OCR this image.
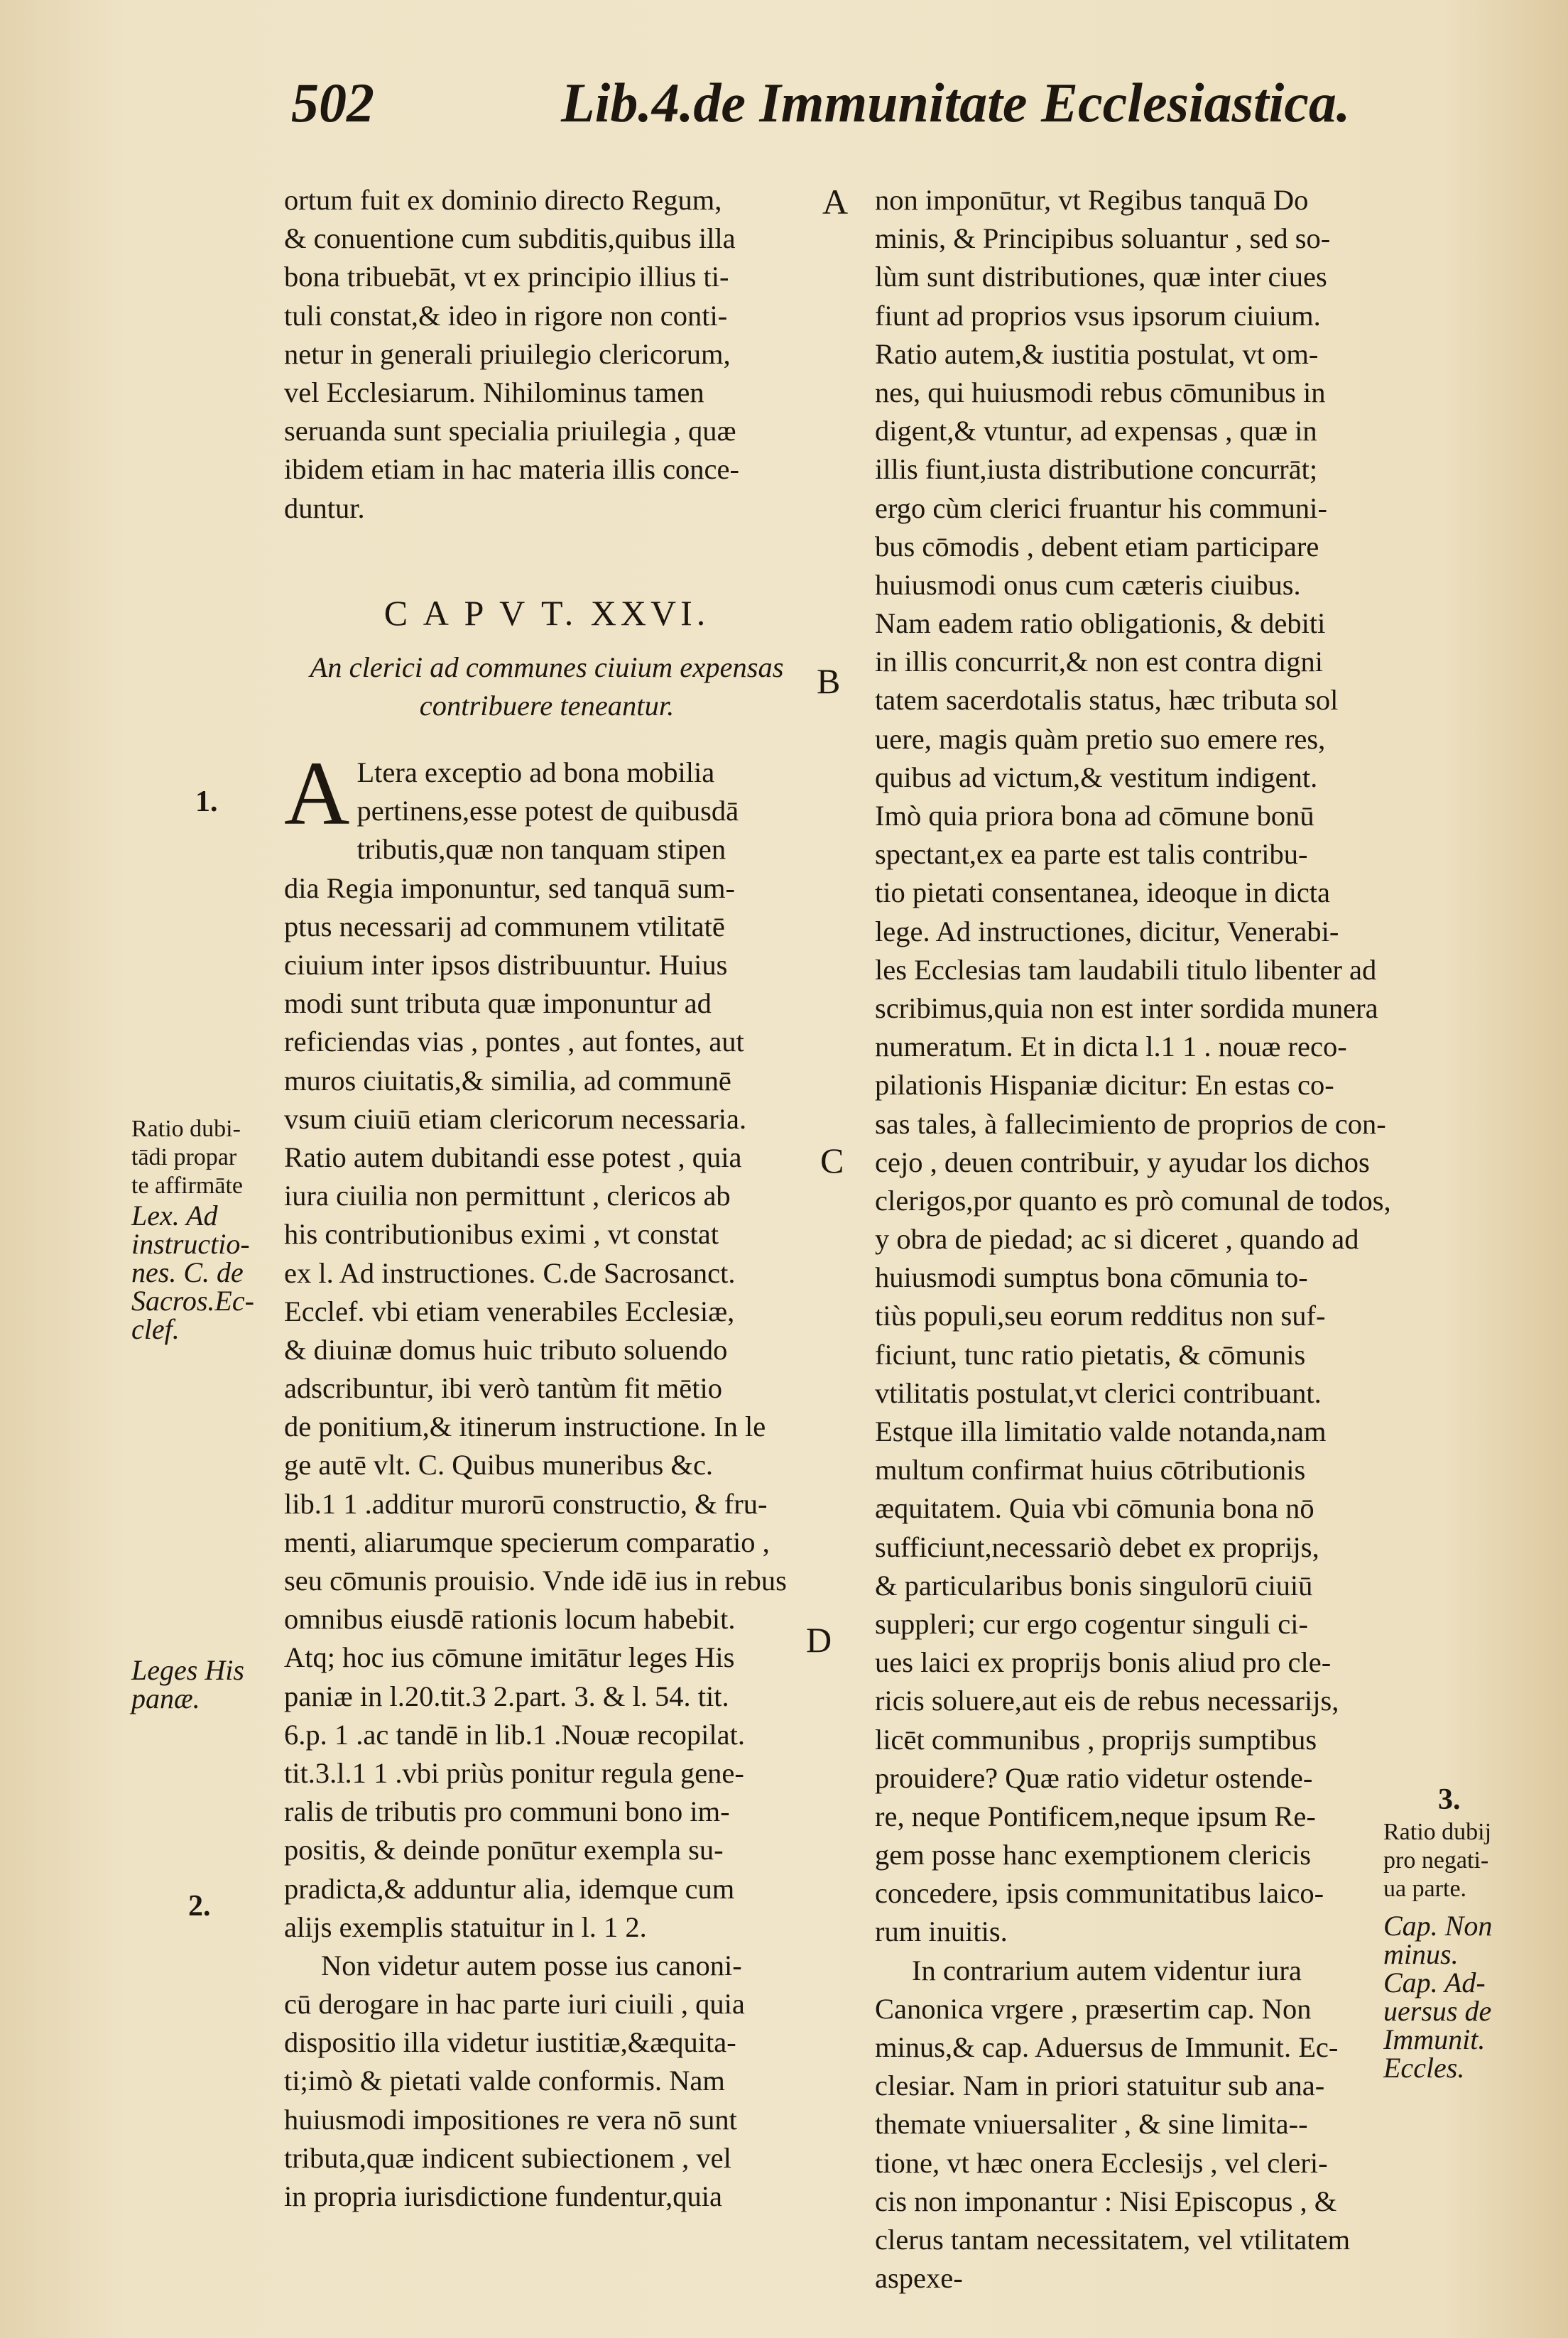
502	Lib.4.de Immunitate Ecclesiastica.
ortum fuit ex dominio directo Regum,
& conuentione cum subditis,quibus illa
bona tribuebāt, vt ex principio illius ti-
tuli constat,& ideo in rigore non conti-
netur in generali priuilegio clericorum,
vel Ecclesiarum. Nihilominus tamen
seruanda sunt specialia priuilegia , quæ
ibidem etiam in hac materia illis conce-
duntur.
C A P V T. XXVI.
An clerici ad communes ciuium expensas
contribuere teneantur.
A Ltera exceptio ad bona mobilia
pertinens,esse potest de quibusdā
tributis,quæ non tanquam stipen
dia Regia imponuntur, sed tanquā sum-
ptus necessarij ad communem vtilitatē
ciuium inter ipsos distribuuntur. Huius
modi sunt tributa quæ imponuntur ad
reficiendas vias , pontes , aut fontes, aut
muros ciuitatis,& similia, ad communē
vsum ciuiū etiam clericorum necessaria.
Ratio autem dubitandi esse potest , quia
iura ciuilia non permittunt , clericos ab
his contributionibus eximi , vt constat
ex l. Ad instructiones. C.de Sacrosanct.
Ecclef. vbi etiam venerabiles Ecclesiæ,
& diuinæ domus huic tributo soluendo
adscribuntur, ibi verò tantùm fit mētio
de ponitium,& itinerum instructione. In le
ge autē vlt. C. Quibus muneribus &c.
lib.1 1 .additur murorū constructio, & fru-
menti, aliarumque specierum comparatio ,
seu cōmunis prouisio. Vnde idē ius in rebus
omnibus eiusdē rationis locum habebit.
Atq; hoc ius cōmune imitātur leges His
paniæ in l.20.tit.3 2.part. 3. & l. 54. tit.
6.p. 1 .ac tandē in lib.1 .Nouæ recopilat.
tit.3.l.1 1 .vbi priùs ponitur regula gene-
ralis de tributis pro communi bono im-
positis, & deinde ponūtur exempla su-
pradicta,& adduntur alia, idemque cum
alijs exemplis statuitur in l. 1 2.
Non videtur autem posse ius canoni-
cū derogare in hac parte iuri ciuili , quia
dispositio illa videtur iustitiæ,&æquita-
ti;imò & pietati valde conformis. Nam
huiusmodi impositiones re vera nō sunt
tributa,quæ indicent subiectionem , vel
in propria iurisdictione fundentur,quia
non imponūtur, vt Regibus tanquā Do
minis, & Principibus soluantur , sed so-
lùm sunt distributiones, quæ inter ciues
fiunt ad proprios vsus ipsorum ciuium.
Ratio autem,& iustitia postulat, vt om-
nes, qui huiusmodi rebus cōmunibus in
digent,& vtuntur, ad expensas , quæ in
illis fiunt,iusta distributione concurrāt;
ergo cùm clerici fruantur his communi-
bus cōmodis , debent etiam participare
huiusmodi onus cum cæteris ciuibus.
Nam eadem ratio obligationis, & debiti
in illis concurrit,& non est contra digni
tatem sacerdotalis status, hæc tributa sol
uere, magis quàm pretio suo emere res,
quibus ad victum,& vestitum indigent.
Imò quia priora bona ad cōmune bonū
spectant,ex ea parte est talis contribu-
tio pietati consentanea, ideoque in dicta
lege. Ad instructiones, dicitur, Venerabi-
les Ecclesias tam laudabili titulo libenter ad
scribimus,quia non est inter sordida munera
numeratum. Et in dicta l.1 1 . nouæ reco-
pilationis Hispaniæ dicitur: En estas co-
sas tales, à fallecimiento de proprios de con-
cejo , deuen contribuir, y ayudar los dichos
clerigos,por quanto es prò comunal de todos,
y obra de piedad; ac si diceret , quando ad
huiusmodi sumptus bona cōmunia to-
tiùs populi,seu eorum redditus non suf-
ficiunt, tunc ratio pietatis, & cōmunis
vtilitatis postulat,vt clerici contribuant.
Estque illa limitatio valde notanda,nam
multum confirmat huius cōtributionis
æquitatem. Quia vbi cōmunia bona nō
sufficiunt,necessariò debet ex proprijs,
& particularibus bonis singulorū ciuiū
suppleri; cur ergo cogentur singuli ci-
ues laici ex proprijs bonis aliud pro cle-
ricis soluere,aut eis de rebus necessarijs,
licēt communibus , proprijs sumptibus
prouidere? Quæ ratio videtur ostende-
re, neque Pontificem,neque ipsum Re-
gem posse hanc exemptionem clericis
concedere, ipsis communitatibus laico-
rum inuitis.
In contrarium autem videntur iura
Canonica vrgere , præsertim cap. Non
minus,& cap. Aduersus de Immunit. Ec-
clesiar. Nam in priori statuitur sub ana-
themate vniuersaliter , & sine limita--
tione, vt hæc onera Ecclesijs , vel cleri-
cis non imponantur : Nisi Episcopus , &
clerus tantam necessitatem, vel vtilitatem
aspexe-
A
B
C
D
1.
2.
3.
Ratio dubi-
tādi propar
te affirmāte
Lex. Ad
instructio-
nes. C. de
Sacros.Ec-
clef.
Leges His
panæ.
Ratio dubij
pro negati-
ua parte.
Cap. Non
minus.
Cap. Ad-
uersus de
Immunit.
Eccles.
